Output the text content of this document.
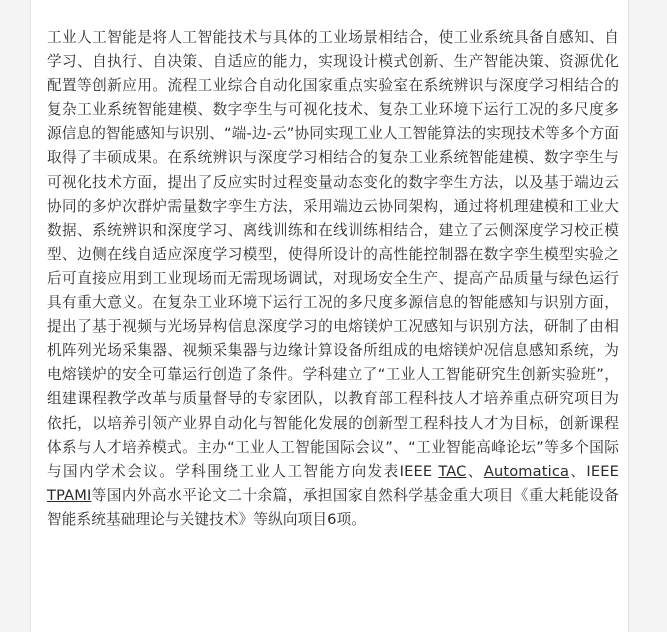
工业人工智能是将人工智能技术与具体的工业场景相结合，使工业系统具备自感知、自学习、自执行、自决策、自适应的能力，实现设计模式创新、生产智能决策、资源优化配置等创新应用。流程工业综合自动化国家重点实验室在系统辨识与深度学习相结合的复杂工业系统智能建模、数字孪生与可视化技术、复杂工业环境下运行工况的多尺度多源信息的智能感知与识别、“端-边-云”协同实现工业人工智能算法的实现技术等多个方面取得了丰硕成果。在系统辨识与深度学习相结合的复杂工业系统智能建模、数字孪生与可视化技术方面，提出了反应实时过程变量动态变化的数字孪生方法，以及基于端边云协同的多炉次群炉需量数字孪生方法，采用端边云协同架构，通过将机理建模和工业大数据、系统辨识和深度学习、离线训练和在线训练相结合，建立了云侧深度学习校正模型、边侧在线自适应深度学习模型，使得所设计的高性能控制器在数字孪生模型实验之后可直接应用到工业现场而无需现场调试，对现场安全生产、提高产品质量与绿色运行具有重大意义。在复杂工业环境下运行工况的多尺度多源信息的智能感知与识别方面，提出了基于视频与光场异构信息深度学习的电熔镁炉工况感知与识别方法，研制了由相机阵列光场采集器、视频采集器与边缘计算设备所组成的电熔镁炉况信息感知系统，为电熔镁炉的安全可靠运行创造了条件。学科建立了“工业人工智能研究生创新实验班”，组建课程教学改革与质量督导的专家团队，以教育部工程科技人才培养重点研究项目为依托，以培养引领产业界自动化与智能化发展的创新型工程科技人才为目标，创新课程体系与人才培养模式。主办“工业人工智能国际会议”、“工业智能高峰论坛”等多个国际与国内学术会议。学科围绕工业人工智能方向发表IEEE TAC、Automatica、IEEE TPAMI等国内外高水平论文二十余篇，承担国家自然科学基金重大项目《重大耗能设备智能系统基础理论与关键技术》等纵向项目6项。
